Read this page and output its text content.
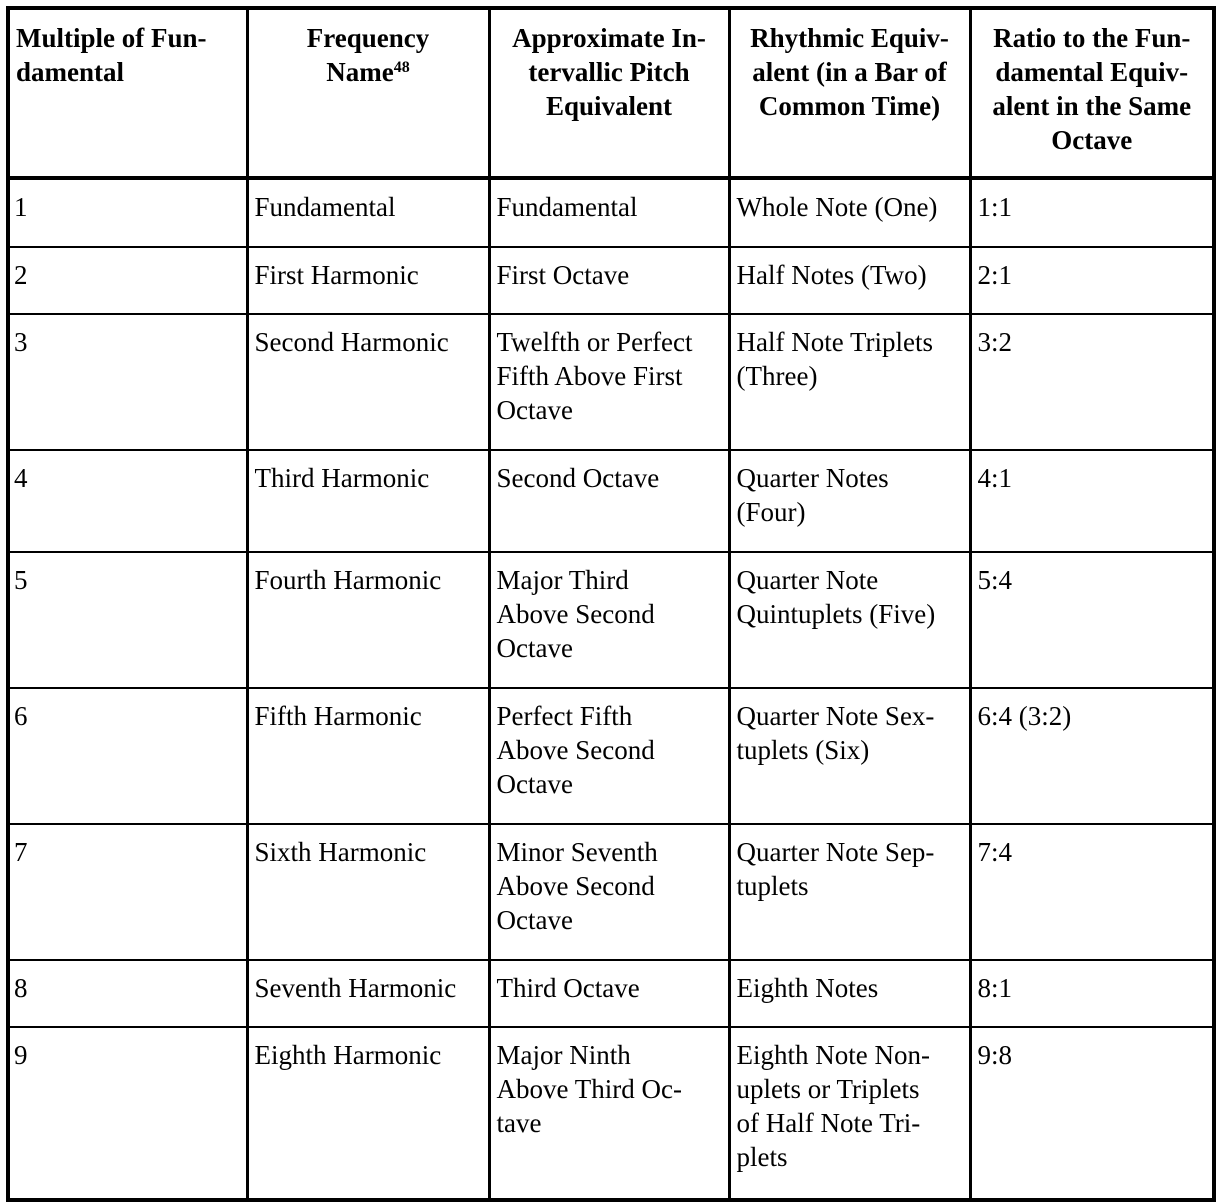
Multiple of Fun-
damental	Frequency
Name$^{48}$	Approximate In-
tervallic Pitch
Equivalent	Rhythmic Equiv-
alent (in a Bar of
Common Time)	Ratio to the Fun-
damental Equiv-
alent in the Same
Octave
1	Fundamental	Fundamental	Whole Note (One)	1:1
2	First Harmonic	First Octave	Half Notes (Two)	2:1
3	Second Harmonic	Twelfth or Perfect
Fifth Above First
Octave	Half Note Triplets
(Three)	3:2
4	Third Harmonic	Second Octave	Quarter Notes
(Four)	4:1
5	Fourth Harmonic	Major Third
Above Second
Octave	Quarter Note
Quintuplets (Five)	5:4
6	Fifth Harmonic	Perfect Fifth
Above Second
Octave	Quarter Note Sex-
tuplets (Six)	6:4 (3:2)
7	Sixth Harmonic	Minor Seventh
Above Second
Octave	Quarter Note Sep-
tuplets	7:4
8	Seventh Harmonic	Third Octave	Eighth Notes	8:1
9	Eighth Harmonic	Major Ninth
Above Third Oc-
tave	Eighth Note Non-
uplets or Triplets
of Half Note Tri-
plets	9:8
